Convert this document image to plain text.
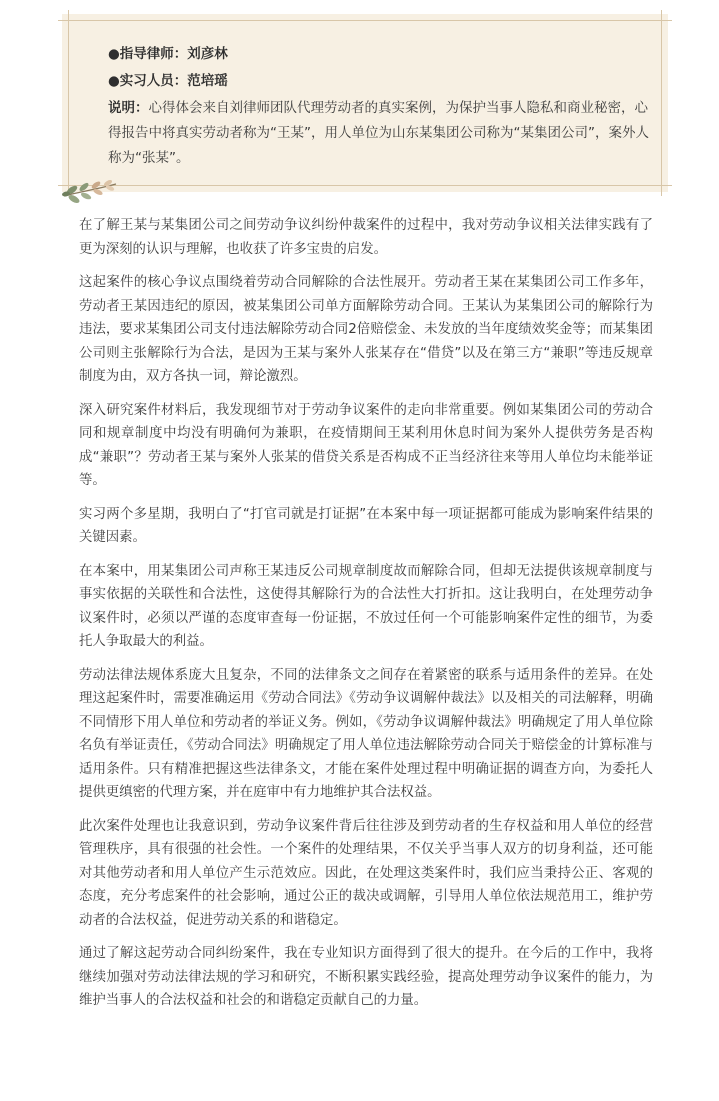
●指导律师：刘彦林
●实习人员：范培瑶
说明：心得体会来自刘律师团队代理劳动者的真实案例，为保护当事人隐私和商业秘密，心得报告中将真实劳动者称为“王某”，用人单位为山东某集团公司称为“某集团公司”，案外人称为“张某”。

在了解王某与某集团公司之间劳动争议纠纷仲裁案件的过程中，我对劳动争议相关法律实践有了更为深刻的认识与理解，也收获了许多宝贵的启发。

这起案件的核心争议点围绕着劳动合同解除的合法性展开。劳动者王某在某集团公司工作多年，劳动者王某因违纪的原因，被某集团公司单方面解除劳动合同。王某认为某集团公司的解除行为违法，要求某集团公司支付违法解除劳动合同2倍赔偿金、未发放的当年度绩效奖金等；而某集团公司则主张解除行为合法，是因为王某与案外人张某存在“借贷”以及在第三方“兼职”等违反规章制度为由，双方各执一词，辩论激烈。

深入研究案件材料后，我发现细节对于劳动争议案件的走向非常重要。例如某集团公司的劳动合同和规章制度中均没有明确何为兼职，在疫情期间王某利用休息时间为案外人提供劳务是否构成“兼职”？劳动者王某与案外人张某的借贷关系是否构成不正当经济往来等用人单位均未能举证等。

实习两个多星期，我明白了“打官司就是打证据”在本案中每一项证据都可能成为影响案件结果的关键因素。

在本案中，用某集团公司声称王某违反公司规章制度故而解除合同，但却无法提供该规章制度与事实依据的关联性和合法性，这使得其解除行为的合法性大打折扣。这让我明白，在处理劳动争议案件时，必须以严谨的态度审查每一份证据，不放过任何一个可能影响案件定性的细节，为委托人争取最大的利益。

劳动法律法规体系庞大且复杂，不同的法律条文之间存在着紧密的联系与适用条件的差异。在处理这起案件时，需要准确运用《劳动合同法》《劳动争议调解仲裁法》以及相关的司法解释，明确不同情形下用人单位和劳动者的举证义务。例如，《劳动争议调解仲裁法》明确规定了用人单位除名负有举证责任，《劳动合同法》明确规定了用人单位违法解除劳动合同关于赔偿金的计算标准与适用条件。只有精准把握这些法律条文，才能在案件处理过程中明确证据的调查方向，为委托人提供更缜密的代理方案，并在庭审中有力地维护其合法权益。

此次案件处理也让我意识到，劳动争议案件背后往往涉及到劳动者的生存权益和用人单位的经营管理秩序，具有很强的社会性。一个案件的处理结果，不仅关乎当事人双方的切身利益，还可能对其他劳动者和用人单位产生示范效应。因此，在处理这类案件时，我们应当秉持公正、客观的态度，充分考虑案件的社会影响，通过公正的裁决或调解，引导用人单位依法规范用工，维护劳动者的合法权益，促进劳动关系的和谐稳定。

通过了解这起劳动合同纠纷案件，我在专业知识方面得到了很大的提升。在今后的工作中，我将继续加强对劳动法律法规的学习和研究，不断积累实践经验，提高处理劳动争议案件的能力，为维护当事人的合法权益和社会的和谐稳定贡献自己的力量。
